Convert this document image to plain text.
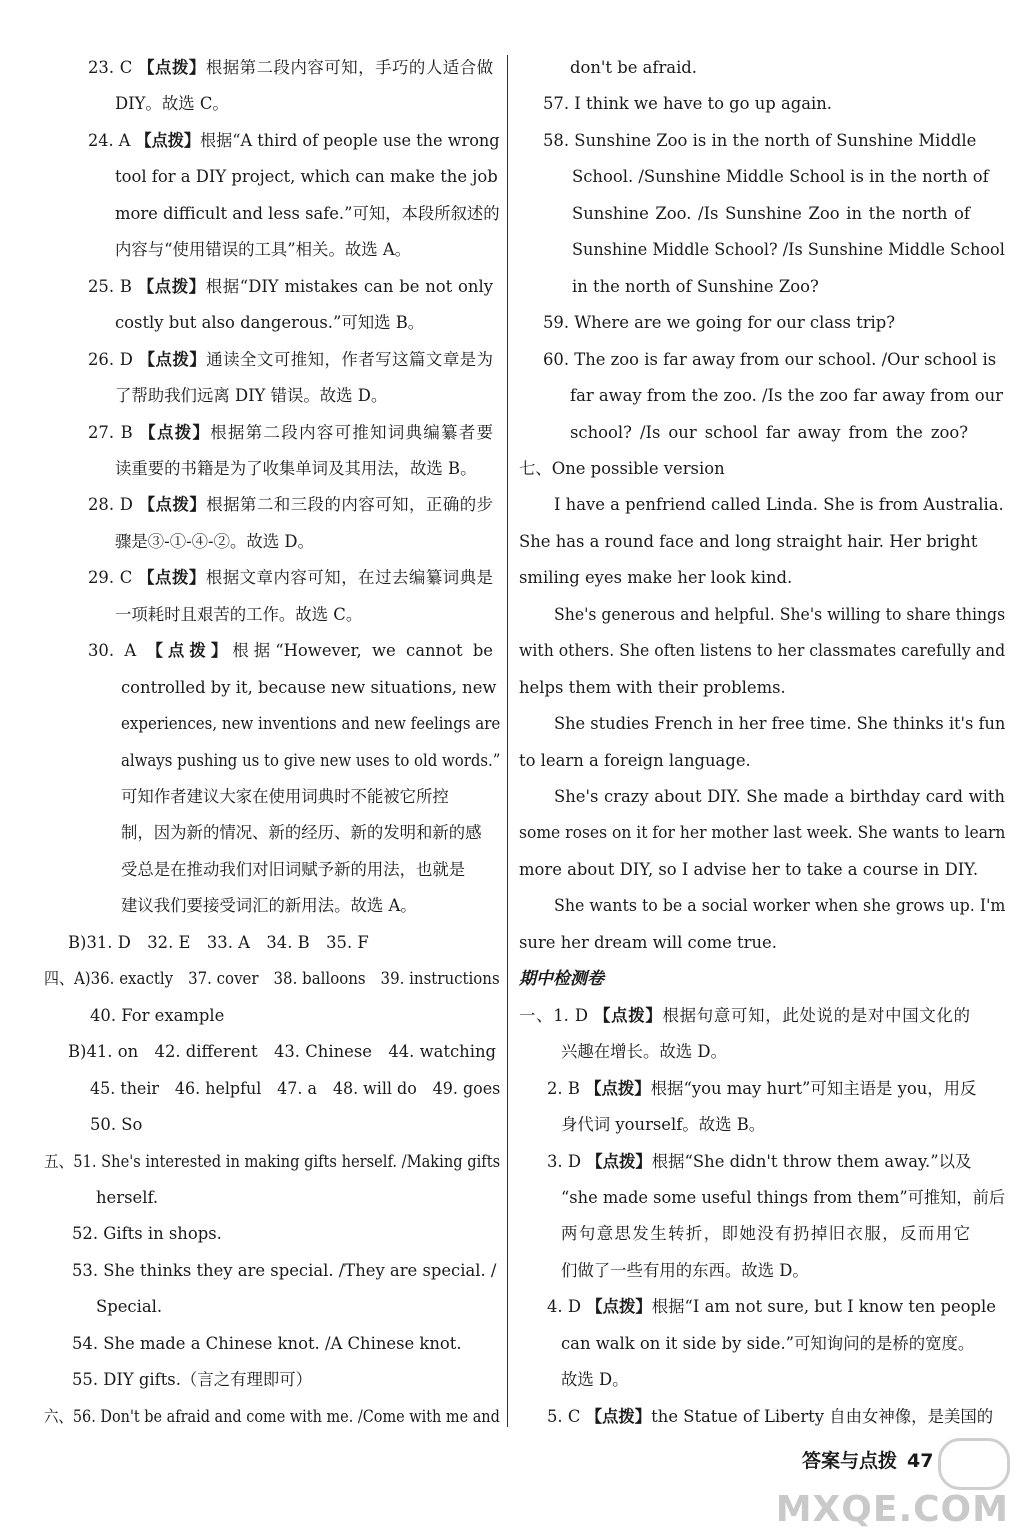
23. C 【点拨】根据第二段内容可知，手巧的人适合做
DIY。故选 C。
24. A 【点拨】根据“A third of people use the wrong
tool for a DIY project, which can make the job
more difficult and less safe.”可知，本段所叙述的
内容与“使用错误的工具”相关。故选 A。
25. B 【点拨】根据“DIY mistakes can be not only
costly but also dangerous.”可知选 B。
26. D 【点拨】通读全文可推知，作者写这篇文章是为
了帮助我们远离 DIY 错误。故选 D。
27. B 【点拨】根据第二段内容可推知词典编纂者要
读重要的书籍是为了收集单词及其用法，故选 B。
28. D 【点拨】根据第二和三段的内容可知，正确的步
骤是③-①-④-②。故选 D。
29. C 【点拨】根据文章内容可知，在过去编纂词典是
一项耗时且艰苦的工作。故选 C。
30. A 【点拨】根据“However, we cannot be
controlled by it, because new situations, new
experiences, new inventions and new feelings are
always pushing us to give new uses to old words.”
可知作者建议大家在使用词典时不能被它所控
制，因为新的情况、新的经历、新的发明和新的感
受总是在推动我们对旧词赋予新的用法，也就是
建议我们要接受词汇的新用法。故选 A。
B)31. D　32. E　33. A　34. B　35. F
四、A)36. exactly　37. cover　38. balloons　39. instructions
40. For example
B)41. on　42. different　43. Chinese　44. watching
45. their　46. helpful　47. a　48. will do　49. goes
50. So
五、51. She's interested in making gifts herself. /Making gifts
herself.
52. Gifts in shops.
53. She thinks they are special. /They are special. /
Special.
54. She made a Chinese knot. /A Chinese knot.
55. DIY gifts.（言之有理即可）
六、56. Don't be afraid and come with me. /Come with me and
don't be afraid.
57. I think we have to go up again.
58. Sunshine Zoo is in the north of Sunshine Middle
School. /Sunshine Middle School is in the north of
Sunshine Zoo. /Is Sunshine Zoo in the north of
Sunshine Middle School? /Is Sunshine Middle School
in the north of Sunshine Zoo?
59. Where are we going for our class trip?
60. The zoo is far away from our school. /Our school is
far away from the zoo. /Is the zoo far away from our
school? /Is our school far away from the zoo?
七、One possible version
I have a penfriend called Linda. She is from Australia.
She has a round face and long straight hair. Her bright
smiling eyes make her look kind.
She's generous and helpful. She's willing to share things
with others. She often listens to her classmates carefully and
helps them with their problems.
She studies French in her free time. She thinks it's fun
to learn a foreign language.
She's crazy about DIY. She made a birthday card with
some roses on it for her mother last week. She wants to learn
more about DIY, so I advise her to take a course in DIY.
She wants to be a social worker when she grows up. I'm
sure her dream will come true.
期中检测卷
一、1. D 【点拨】根据句意可知，此处说的是对中国文化的
兴趣在增长。故选 D。
2. B 【点拨】根据“you may hurt”可知主语是 you，用反
身代词 yourself。故选 B。
3. D 【点拨】根据“She didn't throw them away.”以及
“she made some useful things from them”可推知，前后
两句意思发生转折，即她没有扔掉旧衣服，反而用它
们做了一些有用的东西。故选 D。
4. D 【点拨】根据“I am not sure, but I know ten people
can walk on it side by side.”可知询问的是桥的宽度。
故选 D。
5. C 【点拨】the Statue of Liberty 自由女神像，是美国的
答案与点拨 47
MXQE.COM
